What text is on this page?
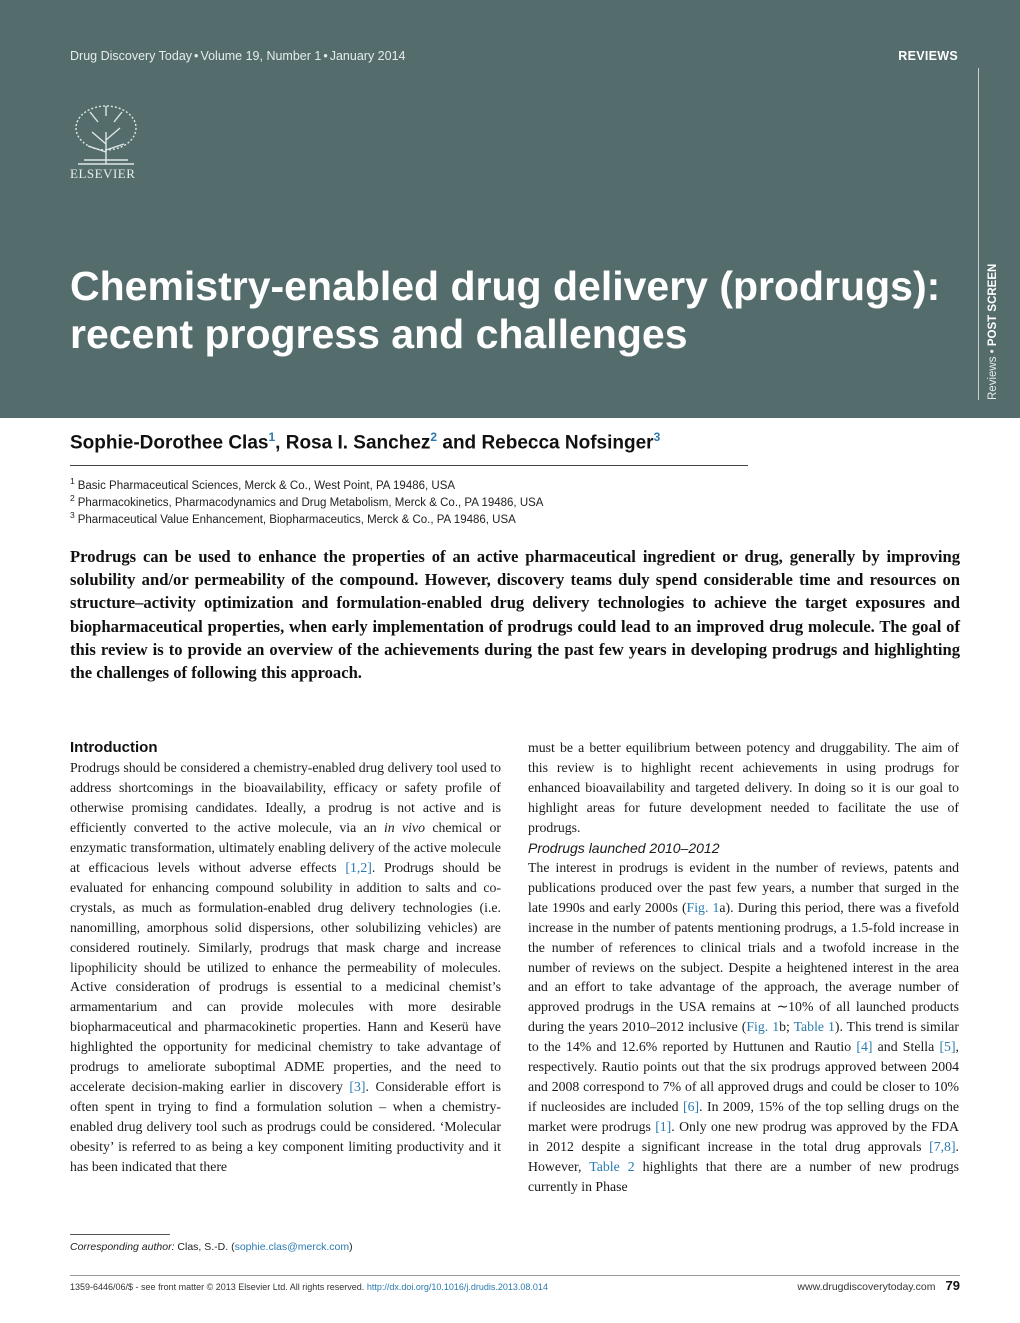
Drug Discovery Today • Volume 19, Number 1 • January 2014	REVIEWS
ELSEVIER
Chemistry-enabled drug delivery (prodrugs): recent progress and challenges
Reviews • POST SCREEN
Sophie-Dorothee Clas$^1$, Rosa I. Sanchez$^2$ and Rebecca Nofsinger$^3$
$^1$ Basic Pharmaceutical Sciences, Merck & Co., West Point, PA 19486, USA
$^2$ Pharmacokinetics, Pharmacodynamics and Drug Metabolism, Merck & Co., PA 19486, USA
$^3$ Pharmaceutical Value Enhancement, Biopharmaceutics, Merck & Co., PA 19486, USA

Prodrugs can be used to enhance the properties of an active pharmaceutical ingredient or drug, generally by improving solubility and/or permeability of the compound. However, discovery teams duly spend considerable time and resources on structure–activity optimization and formulation-enabled drug delivery technologies to achieve the target exposures and biopharmaceutical properties, when early implementation of prodrugs could lead to an improved drug molecule. The goal of this review is to provide an overview of the achievements during the past few years in developing prodrugs and highlighting the challenges of following this approach.

Introduction

Prodrugs should be considered a chemistry-enabled drug delivery tool used to address shortcomings in the bioavailability, efficacy or safety profile of otherwise promising candidates. Ideally, a prodrug is not active and is efficiently converted to the active molecule, via an in vivo chemical or enzymatic transformation, ultimately enabling delivery of the active molecule at efficacious levels without adverse effects [1,2]. Prodrugs should be evaluated for enhancing compound solubility in addition to salts and co-crystals, as much as formulation-enabled drug delivery technologies (i.e. nanomilling, amorphous solid dispersions, other solubilizing vehicles) are considered routinely. Similarly, prodrugs that mask charge and increase lipophilicity should be utilized to enhance the permeability of molecules. Active consideration of prodrugs is essential to a medicinal chemist’s armamentarium and can provide molecules with more desirable biopharmaceutical and pharmacokinetic properties. Hann and Keserü have highlighted the opportunity for medicinal chemistry to take advantage of prodrugs to ameliorate suboptimal ADME properties, and the need to accelerate decision-making earlier in discovery [3]. Considerable effort is often spent in trying to find a formulation solution – when a chemistry-enabled drug delivery tool such as prodrugs could be considered. ‘Molecular obesity’ is referred to as being a key component limiting productivity and it has been indicated that there

must be a better equilibrium between potency and druggability. The aim of this review is to highlight recent achievements in using prodrugs for enhanced bioavailability and targeted delivery. In doing so it is our goal to highlight areas for future development needed to facilitate the use of prodrugs.

Prodrugs launched 2010–2012

The interest in prodrugs is evident in the number of reviews, patents and publications produced over the past few years, a number that surged in the late 1990s and early 2000s (Fig. 1a). During this period, there was a fivefold increase in the number of patents mentioning prodrugs, a 1.5-fold increase in the number of references to clinical trials and a twofold increase in the number of reviews on the subject. Despite a heightened interest in the area and an effort to take advantage of the approach, the average number of approved prodrugs in the USA remains at ∼10% of all launched products during the years 2010–2012 inclusive (Fig. 1b; Table 1). This trend is similar to the 14% and 12.6% reported by Huttunen and Rautio [4] and Stella [5], respectively. Rautio points out that the six prodrugs approved between 2004 and 2008 correspond to 7% of all approved drugs and could be closer to 10% if nucleosides are included [6]. In 2009, 15% of the top selling drugs on the market were prodrugs [1]. Only one new prodrug was approved by the FDA in 2012 despite a significant increase in the total drug approvals [7,8]. However, Table 2 highlights that there are a number of new prodrugs currently in Phase

Corresponding author: Clas, S.-D. (sophie.clas@merck.com)
1359-6446/06/$ - see front matter © 2013 Elsevier Ltd. All rights reserved. http://dx.doi.org/10.1016/j.drudis.2013.08.014	www.drugdiscoverytoday.com 79
